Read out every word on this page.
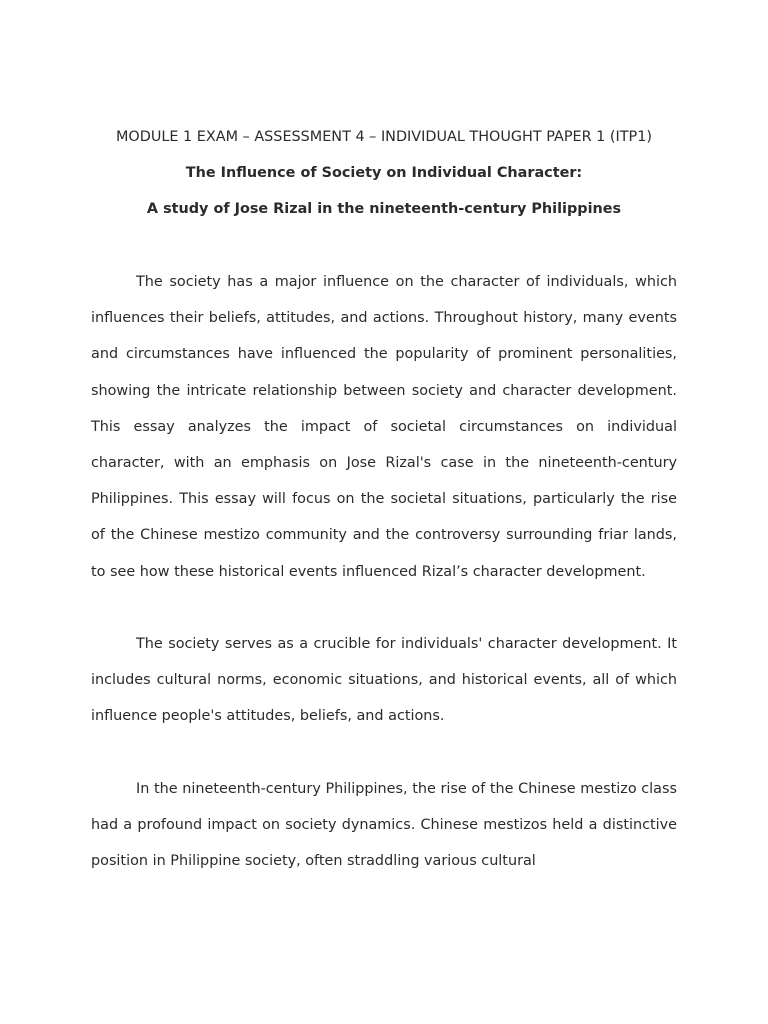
MODULE 1 EXAM – ASSESSMENT 4 – INDIVIDUAL THOUGHT PAPER 1 (ITP1)
The Influence of Society on Individual Character:
A study of Jose Rizal in the nineteenth-century Philippines

The society has a major influence on the character of individuals, which influences their beliefs, attitudes, and actions. Throughout history, many events and circumstances have influenced the popularity of prominent personalities, showing the intricate relationship between society and character development. This essay analyzes the impact of societal circumstances on individual character, with an emphasis on Jose Rizal's case in the nineteenth-century Philippines. This essay will focus on the societal situations, particularly the rise of the Chinese mestizo community and the controversy surrounding friar lands, to see how these historical events influenced Rizal’s character development.

The society serves as a crucible for individuals' character development. It includes cultural norms, economic situations, and historical events, all of which influence people's attitudes, beliefs, and actions.

In the nineteenth-century Philippines, the rise of the Chinese mestizo class had a profound impact on society dynamics. Chinese mestizos held a distinctive position in Philippine society, often straddling various cultural
